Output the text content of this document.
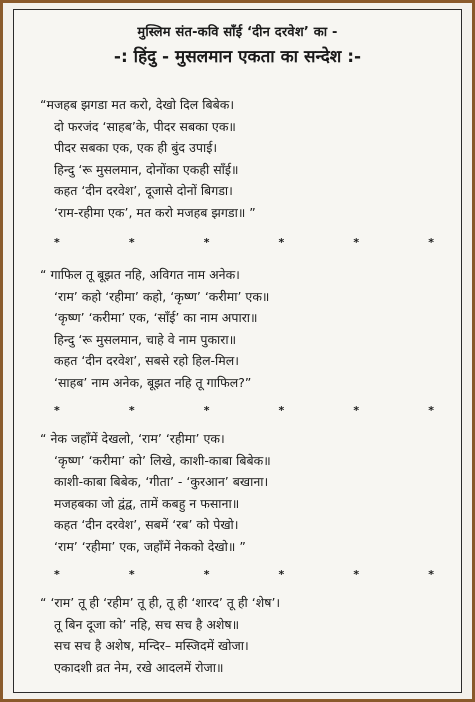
मुस्लिम संत-कवि साँई ‘दीन दरवेश’ का -
-: हिंदु - मुसलमान एकता का सन्देश :-
“मजहब झगडा मत करो, देखो दिल बिबेक।
दो फरजंद ‘साहब’के, पीदर सबका एक॥
पीदर सबका एक, एक ही बुंद उपाई।
हिन्दु ‘रू मुसलमान, दोनोंका एकही साँई॥
कहत ‘दीन दरवेश’, दूजासे दोनों बिगडा।
‘राम-रहीमा एक’, मत करो मजहब झगडा॥ ”
*	*	*	*	*	*
“ गाफिल तू बूझत नहि, अविगत नाम अनेक।
‘राम’ कहो ‘रहीमा’ कहो, ‘कृष्ण’ ‘करीमा’ एक॥
‘कृष्ण’ ‘करीमा’ एक, ‘साँई’ का नाम अपारा॥
हिन्दु ‘रू मुसलमान, चाहे वे नाम पुकारा॥
कहत ‘दीन दरवेश’, सबसे रहो हिल-मिल।
‘साहब’ नाम अनेक, बूझत नहि तू गाफिल?”
*	*	*	*	*	*
“ नेक जहाँमें देखलो, ‘राम’ ‘रहीमा’ एक।
‘कृष्ण’ ‘करीमा’ को’ लिखे, काशी-काबा बिबेक॥
काशी-काबा बिबेक, ‘गीता’ - ‘कुरआन’ बखाना।
मजहबका जो द्वंद्व, तामें कबहु न फसाना॥
कहत ‘दीन दरवेश’, सबमें ‘रब’ को पेखो।
‘राम’ ‘रहीमा’ एक, जहाँमें नेकको देखो॥ ”
*	*	*	*	*	*
“ ‘राम’ तू ही ‘रहीम’ तू ही, तू ही ‘शारद’ तू ही ‘शेष’।
तू बिन दूजा को’ नहि, सच सच है अशेष॥
सच सच है अशेष, मन्दिर– मस्जिदमें खोजा।
एकादशी व्रत नेम, रखे आदलमें रोजा॥
